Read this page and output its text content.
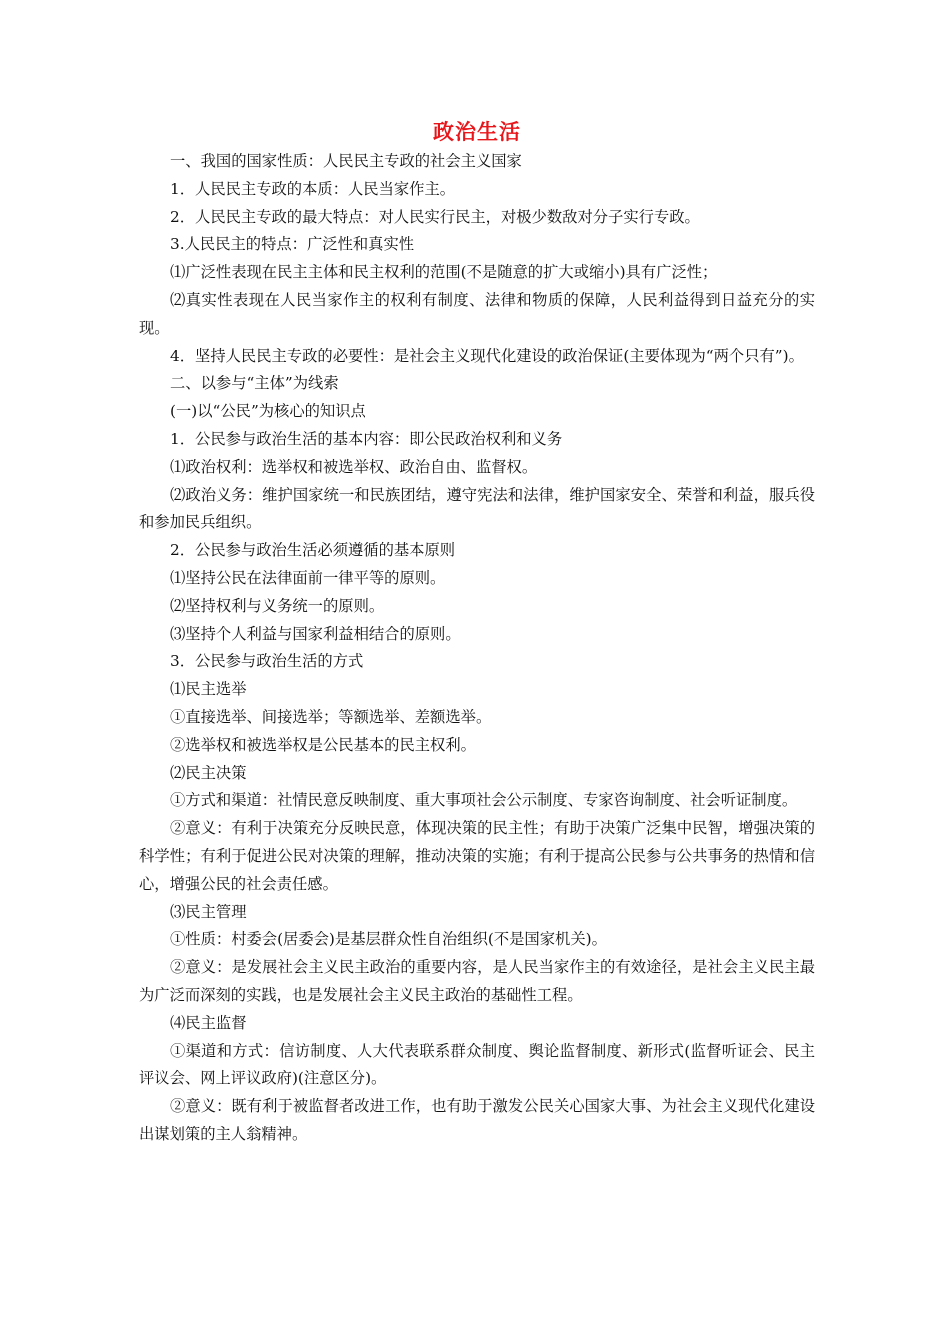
政治生活

一、我国的国家性质：人民民主专政的社会主义国家

1．人民民主专政的本质：人民当家作主。

2．人民民主专政的最大特点：对人民实行民主，对极少数敌对分子实行专政。

3.人民民主的特点：广泛性和真实性

⑴广泛性表现在民主主体和民主权利的范围(不是随意的扩大或缩小)具有广泛性；

⑵真实性表现在人民当家作主的权利有制度、法律和物质的保障，人民利益得到日益充分的实现。

4．坚持人民民主专政的必要性：是社会主义现代化建设的政治保证(主要体现为“两个只有”)。

二、以参与“主体”为线索

(一)以“公民”为核心的知识点

1．公民参与政治生活的基本内容：即公民政治权利和义务

⑴政治权利：选举权和被选举权、政治自由、监督权。

⑵政治义务：维护国家统一和民族团结，遵守宪法和法律，维护国家安全、荣誉和利益，服兵役和参加民兵组织。

2．公民参与政治生活必须遵循的基本原则

⑴坚持公民在法律面前一律平等的原则。

⑵坚持权利与义务统一的原则。

⑶坚持个人利益与国家利益相结合的原则。

3．公民参与政治生活的方式

⑴民主选举

①直接选举、间接选举；等额选举、差额选举。

②选举权和被选举权是公民基本的民主权利。

⑵民主决策

①方式和渠道：社情民意反映制度、重大事项社会公示制度、专家咨询制度、社会听证制度。

②意义：有利于决策充分反映民意，体现决策的民主性；有助于决策广泛集中民智，增强决策的科学性；有利于促进公民对决策的理解，推动决策的实施；有利于提高公民参与公共事务的热情和信心，增强公民的社会责任感。

⑶民主管理

①性质：村委会(居委会)是基层群众性自治组织(不是国家机关)。

②意义：是发展社会主义民主政治的重要内容，是人民当家作主的有效途径，是社会主义民主最为广泛而深刻的实践，也是发展社会主义民主政治的基础性工程。

⑷民主监督

①渠道和方式：信访制度、人大代表联系群众制度、舆论监督制度、新形式(监督听证会、民主评议会、网上评议政府)(注意区分)。

②意义：既有利于被监督者改进工作，也有助于激发公民关心国家大事、为社会主义现代化建设出谋划策的主人翁精神。
